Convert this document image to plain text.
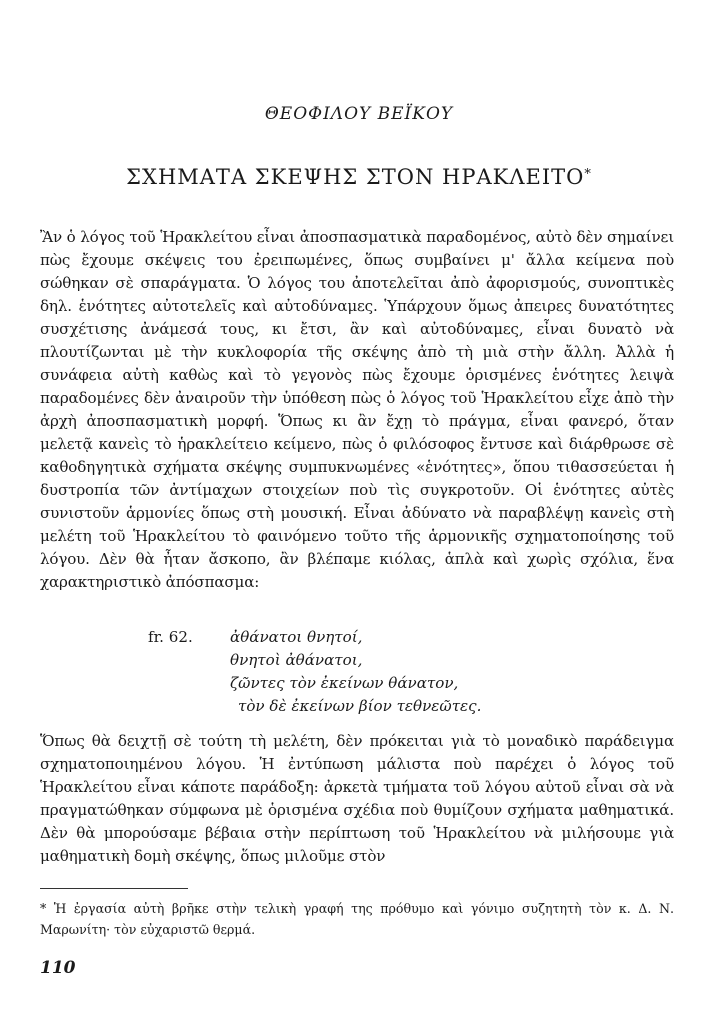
ΘΕΟΦΙΛΟΥ ΒΕΪΚΟΥ
ΣΧΗΜΑΤΑ ΣΚΕΨΗΣ ΣΤΟΝ ΗΡΑΚΛΕΙΤΟ*

Ἂν ὁ λόγος τοῦ Ἡρακλείτου εἶναι ἀποσπασματικὰ παραδομένος, αὐτὸ δὲν σημαίνει πὼς ἔχουμε σκέψεις του ἐρειπωμένες, ὅπως συμβαίνει μ' ἄλλα κείμενα ποὺ σώθηκαν σὲ σπαράγματα. Ὁ λόγος του ἀποτελεῖται ἀπὸ ἀφορισμούς, συνοπτικὲς δηλ. ἑνότητες αὐτοτελεῖς καὶ αὐτοδύναμες. Ὑπάρχουν ὅμως ἀπειρες δυνατότητες συσχέτισης ἀνάμεσά τους, κι ἔτσι, ἂν καὶ αὐτοδύναμες, εἶναι δυνατὸ νὰ πλουτίζωνται μὲ τὴν κυκλοφορία τῆς σκέψης ἀπὸ τὴ μιὰ στὴν ἄλλη. Ἀλλὰ ἡ συνάφεια αὐτὴ καθὼς καὶ τὸ γεγονὸς πὼς ἔχουμε ὁρισμένες ἑνότητες λειψὰ παραδομένες δὲν ἀναιροῦν τὴν ὑπόθεση πὼς ὁ λόγος τοῦ Ἡρακλείτου εἶχε ἀπὸ τὴν ἀρχὴ ἀποσπασματικὴ μορφή. Ὅπως κι ἂν ἔχῃ τὸ πράγμα, εἶναι φανερό, ὅταν μελετᾷ κανεὶς τὸ ἡρακλείτειο κείμενο, πὼς ὁ φιλόσοφος ἔντυσε καὶ διάρθρωσε σὲ καθοδηγητικὰ σχήματα σκέψης συμπυκνωμένες «ἑνότητες», ὅπου τιθασσεύεται ἡ δυστροπία τῶν ἀντίμαχων στοιχείων ποὺ τὶς συγκροτοῦν. Οἱ ἑνότητες αὐτὲς συνιστοῦν ἁρμονίες ὅπως στὴ μουσική. Εἶναι ἀδύνατο νὰ παραβλέψῃ κανεὶς στὴ μελέτη τοῦ Ἡρακλείτου τὸ φαινόμενο τοῦτο τῆς ἁρμονικῆς σχηματοποίησης τοῦ λόγου. Δὲν θὰ ἦταν ἄσκοπο, ἂν βλέπαμε κιόλας, ἁπλὰ καὶ χωρὶς σχόλια, ἕνα χαρακτηριστικὸ ἀπόσπασμα:

fr. 62. ἀθάνατοι θνητοί,
θνητοὶ ἀθάνατοι,
ζῶντες τὸν ἐκείνων θάνατον,
τὸν δὲ ἐκείνων βίον τεθνεῶτες.

Ὅπως θὰ δειχτῇ σὲ τούτη τὴ μελέτη, δὲν πρόκειται γιὰ τὸ μοναδικὸ παράδειγμα σχηματοποιημένου λόγου. Ἡ ἐντύπωση μάλιστα ποὺ παρέχει ὁ λόγος τοῦ Ἡρακλείτου εἶναι κάποτε παράδοξη: ἀρκετὰ τμήματα τοῦ λόγου αὐτοῦ εἶναι σὰ νὰ πραγματώθηκαν σύμφωνα μὲ ὁρισμένα σχέδια ποὺ θυμίζουν σχήματα μαθηματικά. Δὲν θὰ μπορούσαμε βέβαια στὴν περίπτωση τοῦ Ἡρακλείτου νὰ μιλήσουμε γιὰ μαθηματικὴ δομὴ σκέψης, ὅπως μιλοῦμε στὸν

* Ἡ ἐργασία αὐτὴ βρῆκε στὴν τελικὴ γραφή της πρόθυμο καὶ γόνιμο συζητητὴ τὸν κ. Δ. Ν. Μαρωνίτη· τὸν εὐχαριστῶ θερμά.

110
